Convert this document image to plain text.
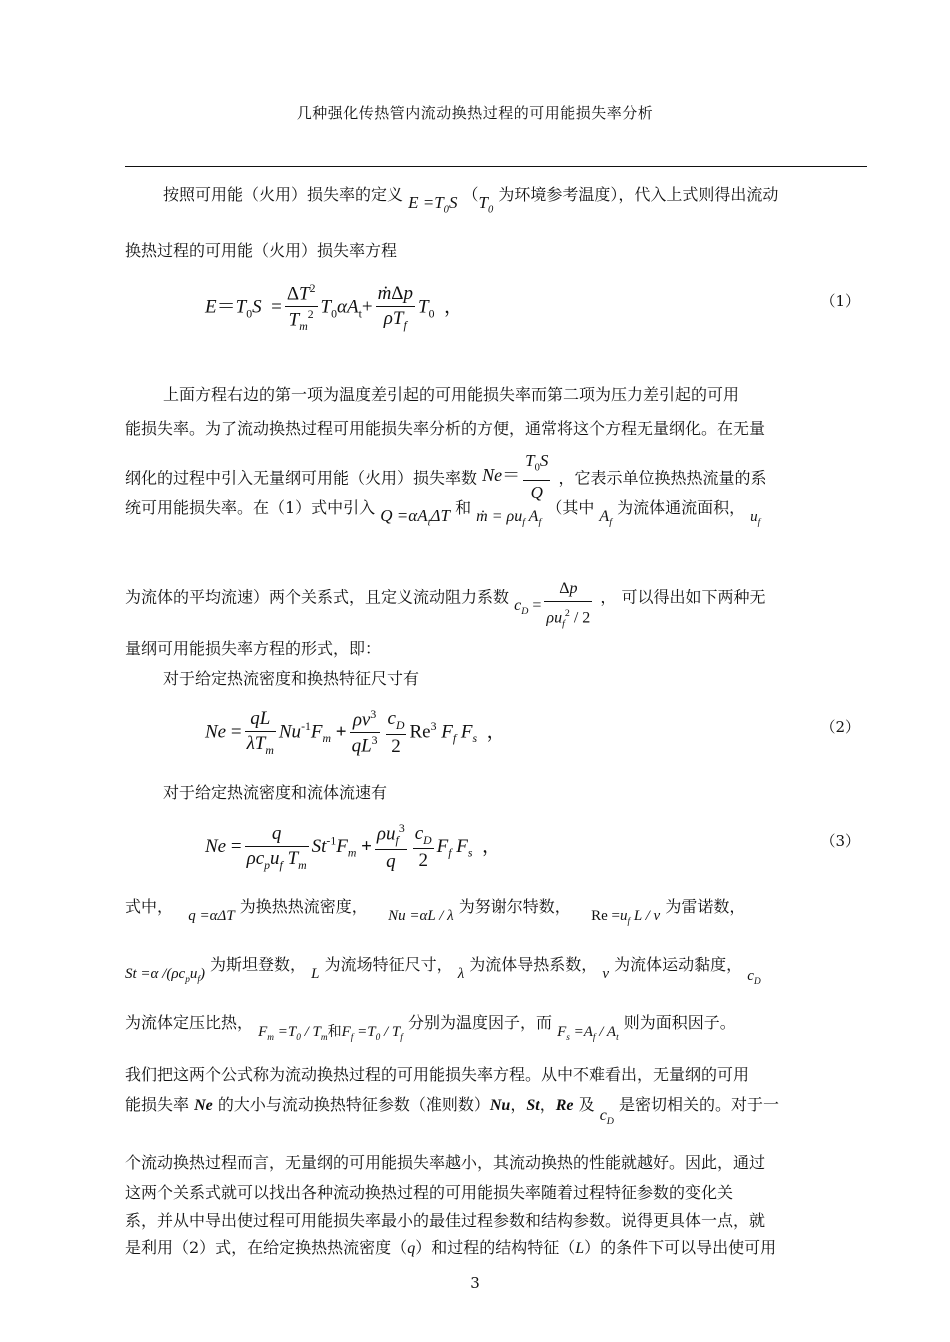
几种强化传热管内流动换热过程的可用能损失率分析
按照可用能（火用）损失率的定义 $E =T_0S$ （$T_0$ 为环境参考温度），代入上式则得出流动
换热过程的可用能（火用）损失率方程
$E=T_0S = \frac{\Delta T^2}{T_m^2} T_0\alpha A_t+ \frac{\text{ṁΔp}}{\rho T_f} T_0$  ，	（1）
上面方程右边的第一项为温度差引起的可用能损失率而第二项为压力差引起的可用
能损失率。为了流动换热过程可用能损失率分析的方便，通常将这个方程无量纲化。在无量
纲化的过程中引入无量纲可用能（火用）损失率数 $Ne= \frac{T_0S}{Q}$ ，它表示单位换热热流量的系
统可用能损失率。在（1）式中引入 $Q =\alpha A_t\Delta T$ 和 ṁ = $\rho u_f$ $A_f$ （其中 $A_f$ 为流体通流面积， $u_f$
为流体的平均流速）两个关系式，且定义流动阻力系数 $c_D = \frac{\Delta p}{\rho u_f^2 / 2}$ ， 可以得出如下两种无
量纲可用能损失率方程的形式，即：
对于给定热流密度和换热特征尺寸有
$Ne = \frac{qL}{\lambda T_m} Nu^{-1}F_m + \frac{\rho\nu^3}{qL^3} \frac{c_D}{2} Re^3$ $F_f$ $F_s$  ，	（2）
对于给定热流密度和流体流速有
$Ne = \frac{q}{\rho c_pu_f T_m} St^{-1}F_m + \frac{\rho u_f^3}{q} \frac{c_D}{2} F_f$ $F_s$  ，	（3）
式中， q =αΔT 为换热热流密度， Nu =αL / λ 为努谢尔特数， $Re =u_f$ L / ν 为雷诺数，
St =α $/(\rho c_pu_f)$ 为斯坦登数， L 为流场特征尺寸， λ 为流体导热系数， ν 为流体运动黏度， $c_D$
为流体定压比热， $F_m =T_0 / T_m$和$F_f =T_0 / T_f$ 分别为温度因子，而 $F_s =A_f / A_t$ 则为面积因子。
我们把这两个公式称为流动换热过程的可用能损失率方程。从中不难看出，无量纲的可用
能损失率 Ne 的大小与流动换热特征参数（准则数）Nu，St，Re 及 $c_D$ 是密切相关的。对于一
个流动换热过程而言，无量纲的可用能损失率越小，其流动换热的性能就越好。因此，通过
这两个关系式就可以找出各种流动换热过程的可用能损失率随着过程特征参数的变化关
系，并从中导出使过程可用能损失率最小的最佳过程参数和结构参数。说得更具体一点，就
是利用（2）式，在给定换热热流密度（q）和过程的结构特征（L）的条件下可以导出使可用
3
